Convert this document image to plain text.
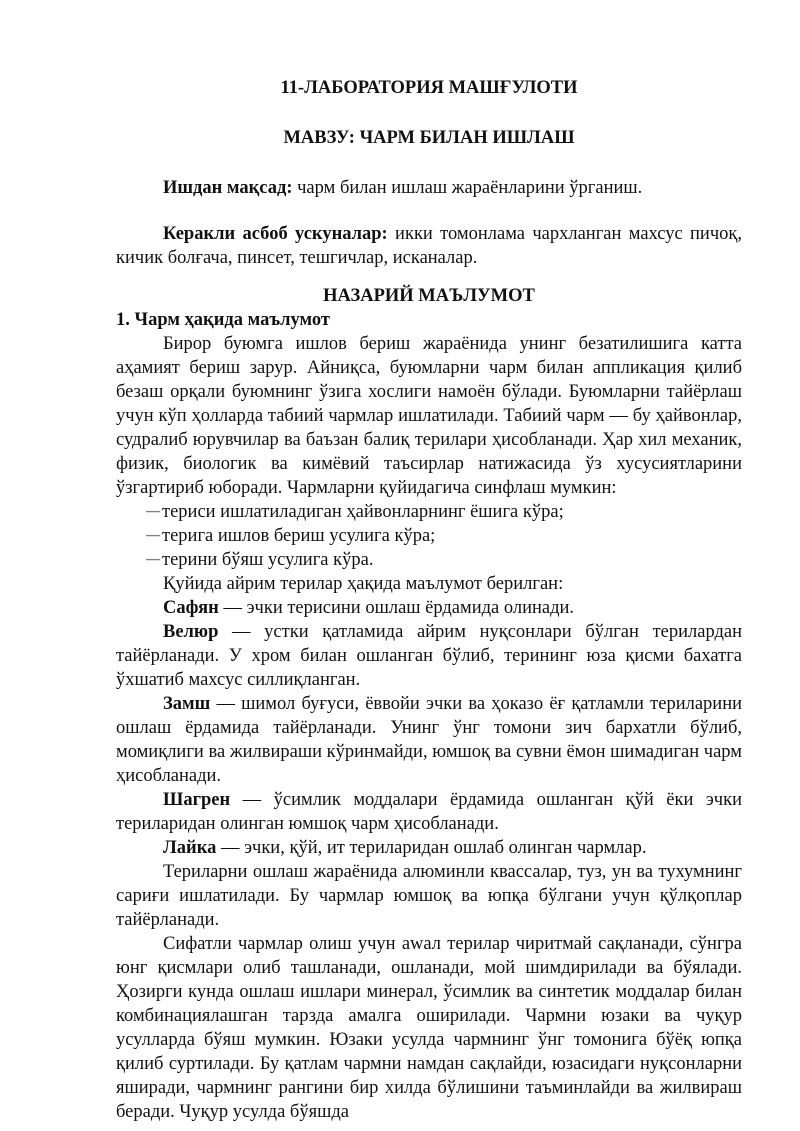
11-ЛАБОРАТОРИЯ МАШҒУЛОТИ
МАВЗУ: ЧАРМ БИЛАН ИШЛАШ

Ишдан мақсад: чарм билан ишлаш жараёнларини ўрганиш.

Керакли асбоб ускуналар: икки томонлама чархланган махсус пичоқ, кичик болғача, пинсет, тешгичлар, исканалар.

НАЗАРИЙ МАЪЛУМОТ
1. Чарм ҳақида маълумот

Бирор буюмга ишлов бериш жараёнида унинг безатилишига катта аҳамият бериш зарур. Айниқса, буюмларни чарм билан аппликация қилиб безаш орқали буюмнинг ўзига хослиги намоён бўлади. Буюмларни тайёрлаш учун кўп ҳолларда табиий чармлар ишлатилади. Табиий чарм — бу ҳайвонлар, судралиб юрувчилар ва баъзан балиқ терилари ҳисобланади. Ҳар хил механик, физик, биологик ва кимёвий таъсирлар натижасида ўз хусусиятларини ўзгартириб юборади. Чармларни қуйидагича синфлаш мумкин:

— териси ишлатиладиган ҳайвонларнинг ёшига кўра;
— терига ишлов бериш усулига кўра;
— терини бўяш усулига кўра.

Қуйида айрим терилар ҳақида маълумот берилган:

Сафян — эчки терисини ошлаш ёрдамида олинади.

Велюр — устки қатламида айрим нуқсонлари бўлган терилардан тайёрланади. У хром билан ошланган бўлиб, терининг юза қисми бахатга ўхшатиб махсус силлиқланган.

Замш — шимол буғуси, ёввойи эчки ва ҳоказо ёғ қатламли териларини ошлаш ёрдамида тайёрланади. Унинг ўнг томони зич бархатли бўлиб, момиқлиги ва жилвираши кўринмайди, юмшоқ ва сувни ёмон шимадиган чарм ҳисобланади.

Шагрен — ўсимлик моддалари ёрдамида ошланган қўй ёки эчки териларидан олинган юмшоқ чарм ҳисобланади.

Лайка — эчки, қўй, ит териларидан ошлаб олинган чармлар.

Териларни ошлаш жараёнида алюминли квассалар, туз, ун ва тухумнинг сариғи ишлатилади. Бу чармлар юмшоқ ва юпқа бўлгани учун қўлқоплар тайёрланади.

Сифатли чармлар олиш учун аwал терилар чиритмай сақланади, сўнгра юнг қисмлари олиб ташланади, ошланади, мой шимдирилади ва бўялади. Ҳозирги кунда ошлаш ишлари минерал, ўсимлик ва синтетик моддалар билан комбинациялашган тарзда амалга оширилади. Чармни юзаки ва чуқур усулларда бўяш мумкин. Юзаки усулда чармнинг ўнг томонига бўёқ юпқа қилиб суртилади. Бу қатлам чармни намдан сақлайди, юзасидаги нуқсонларни яширади, чармнинг рангини бир хилда бўлишини таъминлайди ва жилвираш беради. Чуқур усулда бўяшда
